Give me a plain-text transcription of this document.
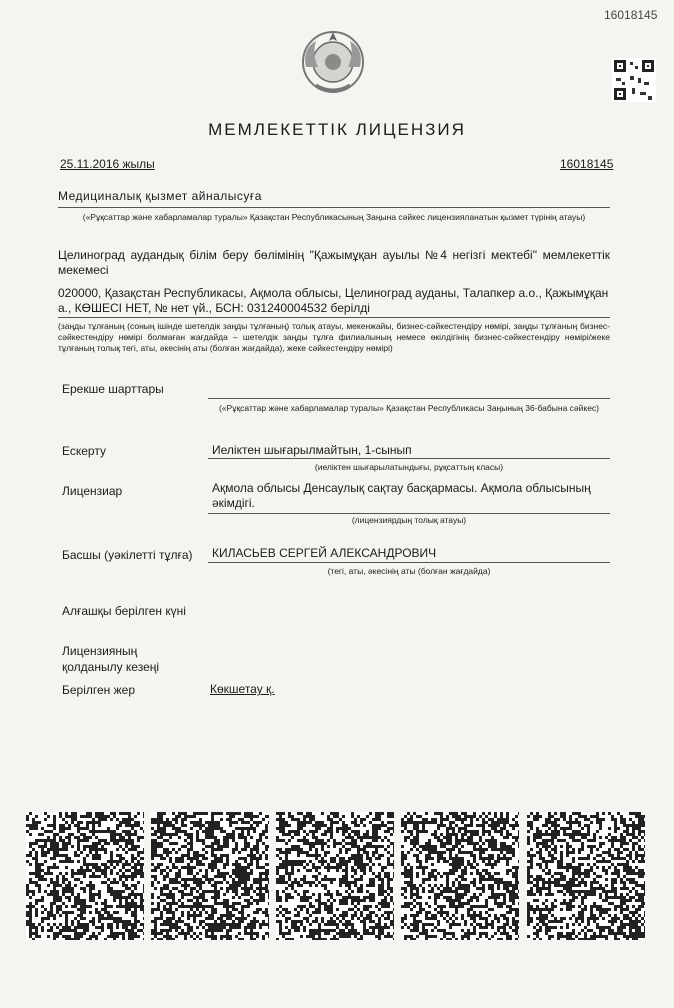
16018145
МЕМЛЕКЕТТІК ЛИЦЕНЗИЯ
25.11.2016 жылы	16018145
Медициналық қызмет айналысуға
(«Рұқсаттар және хабарламалар туралы» Қазақстан Республикасының Заңына сәйкес лицензияланатын қызмет түрінің атауы)
Целиноград аудандық білім беру бөлімінің "Қажымұқан ауылы №4 негізгі мектебі" мемлекеттік мекемесі
020000, Қазақстан Республикасы, Ақмола облысы, Целиноград ауданы, Талапкер а.о., Қажымұқан а., КӨШЕСІ НЕТ, № нет үй., БСН: 031240004532 берілді
(заңды тұлғаның (соның ішінде шетелдік заңды тұлғаның) толық атауы, мекенжайы, бизнес-сәйкестендіру нөмірі, заңды тұлғаның бизнес-сәйкестендіру нөмірі болмаған жағдайда – шетелдік заңды тұлға филиалының немесе өкілдігінің бизнес-сәйкестендіру нөмірі/жеке тұлғаның толық тегі, аты, әкесінің аты (болған жағдайда), жеке сәйкестендіру нөмірі)
Ерекше шарттары
(«Рұқсаттар және хабарламалар туралы» Қазақстан Республикасы Заңының 36-бабына сәйкес)
Ескерту	Иеліктен шығарылмайтын, 1-сынып
(иеліктен шығарылатындығы, рұқсаттың класы)
Лицензиар	Ақмола облысы Денсаулық сақтау басқармасы. Ақмола облысының әкімдігі.
(лицензиярдың толық атауы)
Басшы (уәкілетті тұлға) КИЛАСЬЕВ СЕРГЕЙ АЛЕКСАНДРОВИЧ
(тегі, аты, әкесінің аты (болған жағдайда)
Алғашқы берілген күні
Лицензияның
қолданылу кезеңі
Берілген жер	Көкшетау қ.
